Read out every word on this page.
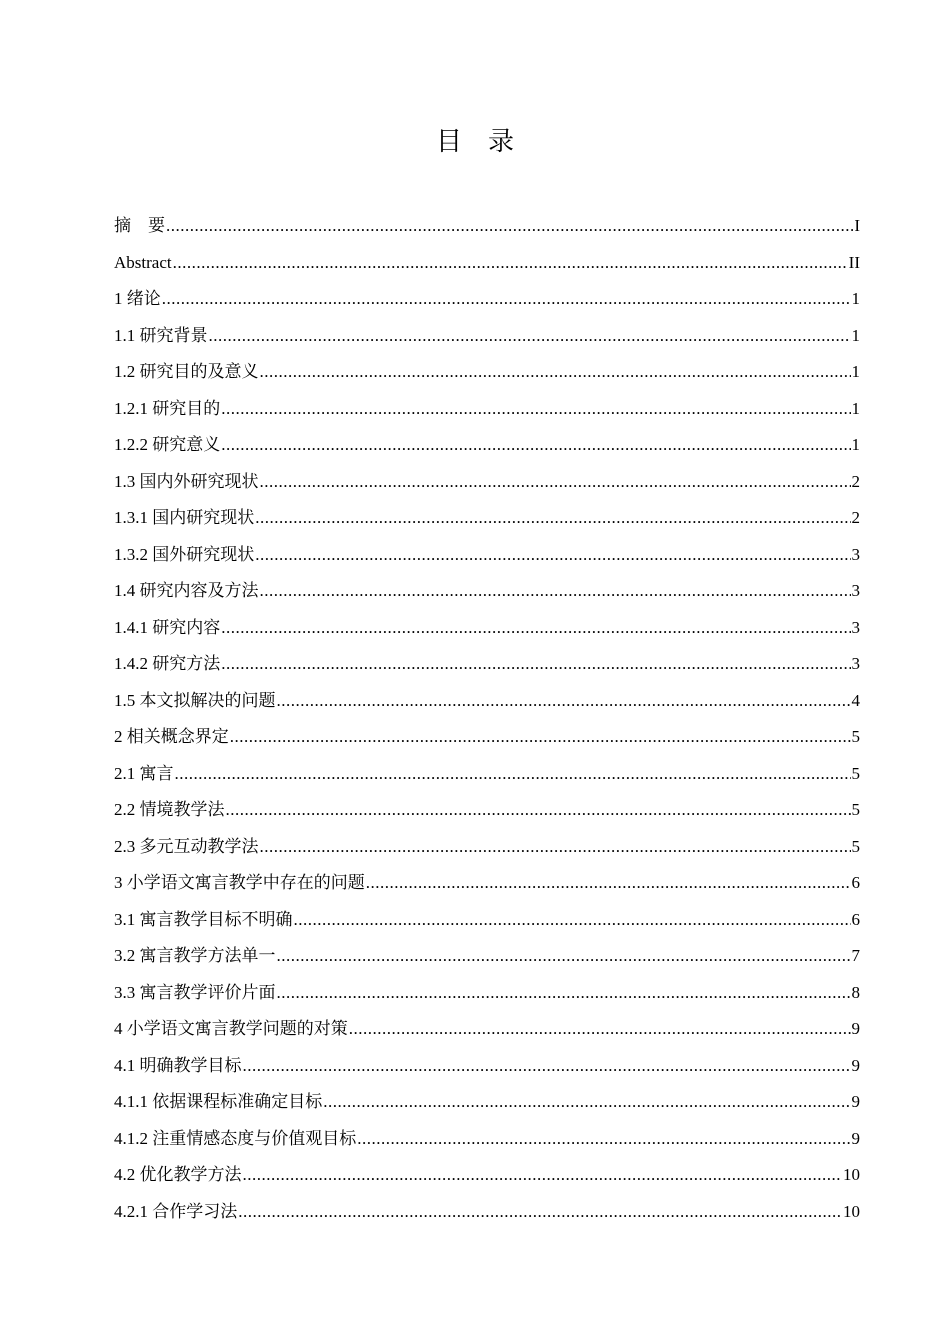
目 录
摘　要 .....	I
Abstract .....	II
1 绪论 .....	1
1.1 研究背景 .....	1
1.2 研究目的及意义 .....	1
1.2.1 研究目的 .....	1
1.2.2 研究意义 .....	1
1.3 国内外研究现状 .....	2
1.3.1 国内研究现状 .....	2
1.3.2 国外研究现状 .....	3
1.4 研究内容及方法 .....	3
1.4.1 研究内容 .....	3
1.4.2 研究方法 .....	3
1.5 本文拟解决的问题 .....	4
2 相关概念界定 .....	5
2.1 寓言 .....	5
2.2 情境教学法 .....	5
2.3 多元互动教学法 .....	5
3 小学语文寓言教学中存在的问题 .....	6
3.1 寓言教学目标不明确 .....	6
3.2 寓言教学方法单一 .....	7
3.3 寓言教学评价片面 .....	8
4 小学语文寓言教学问题的对策 .....	9
4.1 明确教学目标 .....	9
4.1.1 依据课程标准确定目标 .....	9
4.1.2 注重情感态度与价值观目标 .....	9
4.2 优化教学方法 .....	10
4.2.1 合作学习法 .....	10
